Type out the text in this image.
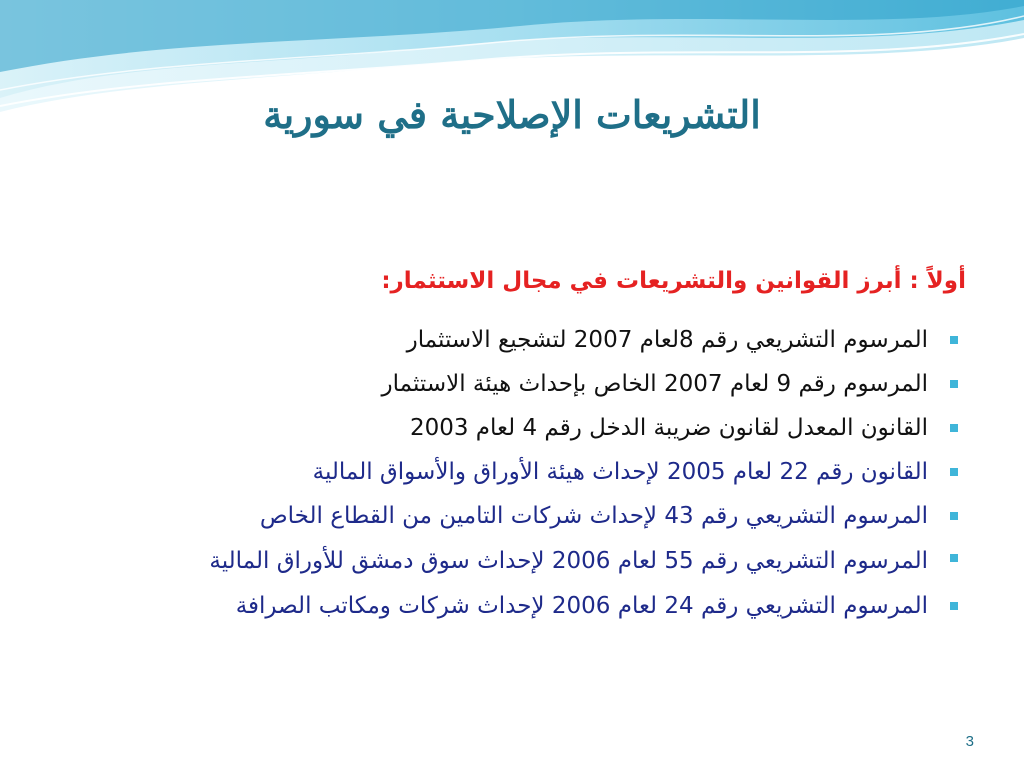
التشريعات الإصلاحية في سورية

أولاً : أبرز القوانين والتشريعات في مجال الاستثمار:

المرسوم التشريعي رقم 8لعام 2007 لتشجيع الاستثمار
المرسوم رقم 9 لعام 2007 الخاص بإحداث هيئة الاستثمار
القانون المعدل لقانون ضريبة الدخل رقم 4 لعام 2003
القانون رقم 22 لعام 2005 لإحداث هيئة الأوراق والأسواق المالية
المرسوم التشريعي رقم 43 لإحداث شركات التامين من القطاع الخاص
المرسوم التشريعي رقم 55 لعام 2006 لإحداث سوق دمشق للأوراق المالية
المرسوم التشريعي رقم 24 لعام 2006 لإحداث شركات ومكاتب الصرافة
3
